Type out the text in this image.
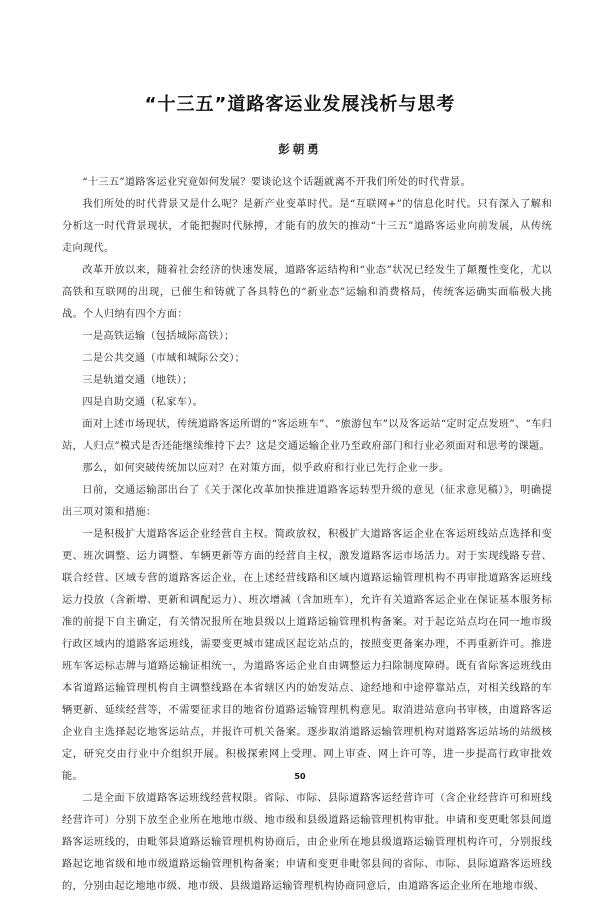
“十三五”道路客运业发展浅析与思考
彭朝勇

“十三五”道路客运业究竟如何发展？要谈论这个话题就离不开我们所处的时代背景。

我们所处的时代背景又是什么呢？是新产业变革时代。是“互联网+”的信息化时代。只有深入了解和分析这一时代背景现状，才能把握时代脉搏，才能有的放矢的推动“十三五”道路客运业向前发展，从传统走向现代。

改革开放以来，随着社会经济的快速发展，道路客运结构和“业态”状况已经发生了颠覆性变化，尤以高铁和互联网的出现，已催生和铸就了各具特色的“新业态”运输和消费格局，传统客运确实面临极大挑战。个人归纳有四个方面：

一是高铁运输（包括城际高铁）；

二是公共交通（市域和城际公交）；

三是轨道交通（地铁）；

四是自助交通（私家车）。

面对上述市场现状，传统道路客运所谓的“客运班车”、“旅游包车”以及客运站“定时定点发班”、“车归站，人归点”模式是否还能继续维持下去？这是交通运输企业乃至政府部门和行业必须面对和思考的课题。

那么，如何突破传统加以应对？在对策方面，似乎政府和行业已先行企业一步。

日前，交通运输部出台了《关于深化改革加快推进道路客运转型升级的意见（征求意见稿）》，明确提出三项对策和措施：

一是积极扩大道路客运企业经营自主权。简政放权，积极扩大道路客运企业在客运班线站点选择和变更、班次调整、运力调整、车辆更新等方面的经营自主权，激发道路客运市场活力。对于实现线路专营、联合经营、区域专营的道路客运企业，在上述经营线路和区域内道路运输管理机构不再审批道路客运班线运力投放（含新增、更新和调配运力）、班次增减（含加班车），允许有关道路客运企业在保证基本服务标准的前提下自主确定，有关情况报所在地县级以上道路运输管理机构备案。对于起讫站点均在同一地市级行政区域内的道路客运班线，需要变更城市建成区起讫站点的，按照变更备案办理，不再重新许可。推进班车客运标志牌与道路运输证相统一，为道路客运企业自由调整运力扫除制度障碍。既有省际客运班线由本省道路运输管理机构自主调整线路在本省辖区内的始发站点、途经地和中途停靠站点，对相关线路的车辆更新、延续经营等，不需要征求目的地省份道路运输管理机构意见。取消进站意向书审核，由道路客运企业自主选择起讫地客运站点，并报许可机关备案。逐步取消道路运输管理机构对道路客运站场的站级核定，研究交由行业中介组织开展。积极探索网上受理、网上审查、网上许可等，进一步提高行政审批效能。

二是全面下放道路客运班线经营权限。省际、市际、县际道路客运经营许可（含企业经营许可和班线经营许可）分别下放至企业所在地地市级、地市级和县级道路运输管理机构审批。申请和变更毗邻县间道路客运班线的，由毗邻县道路运输管理机构协商后，由企业所在地县级道路运输管理机构许可，分别报线路起讫地省级和地市级道路运输管理机构备案；申请和变更非毗邻县间的省际、市际、县际道路客运班线的，分别由起讫地地市级、地市级、县级道路运输管理机构协商同意后，由道路客运企业所在地地市级、

50
